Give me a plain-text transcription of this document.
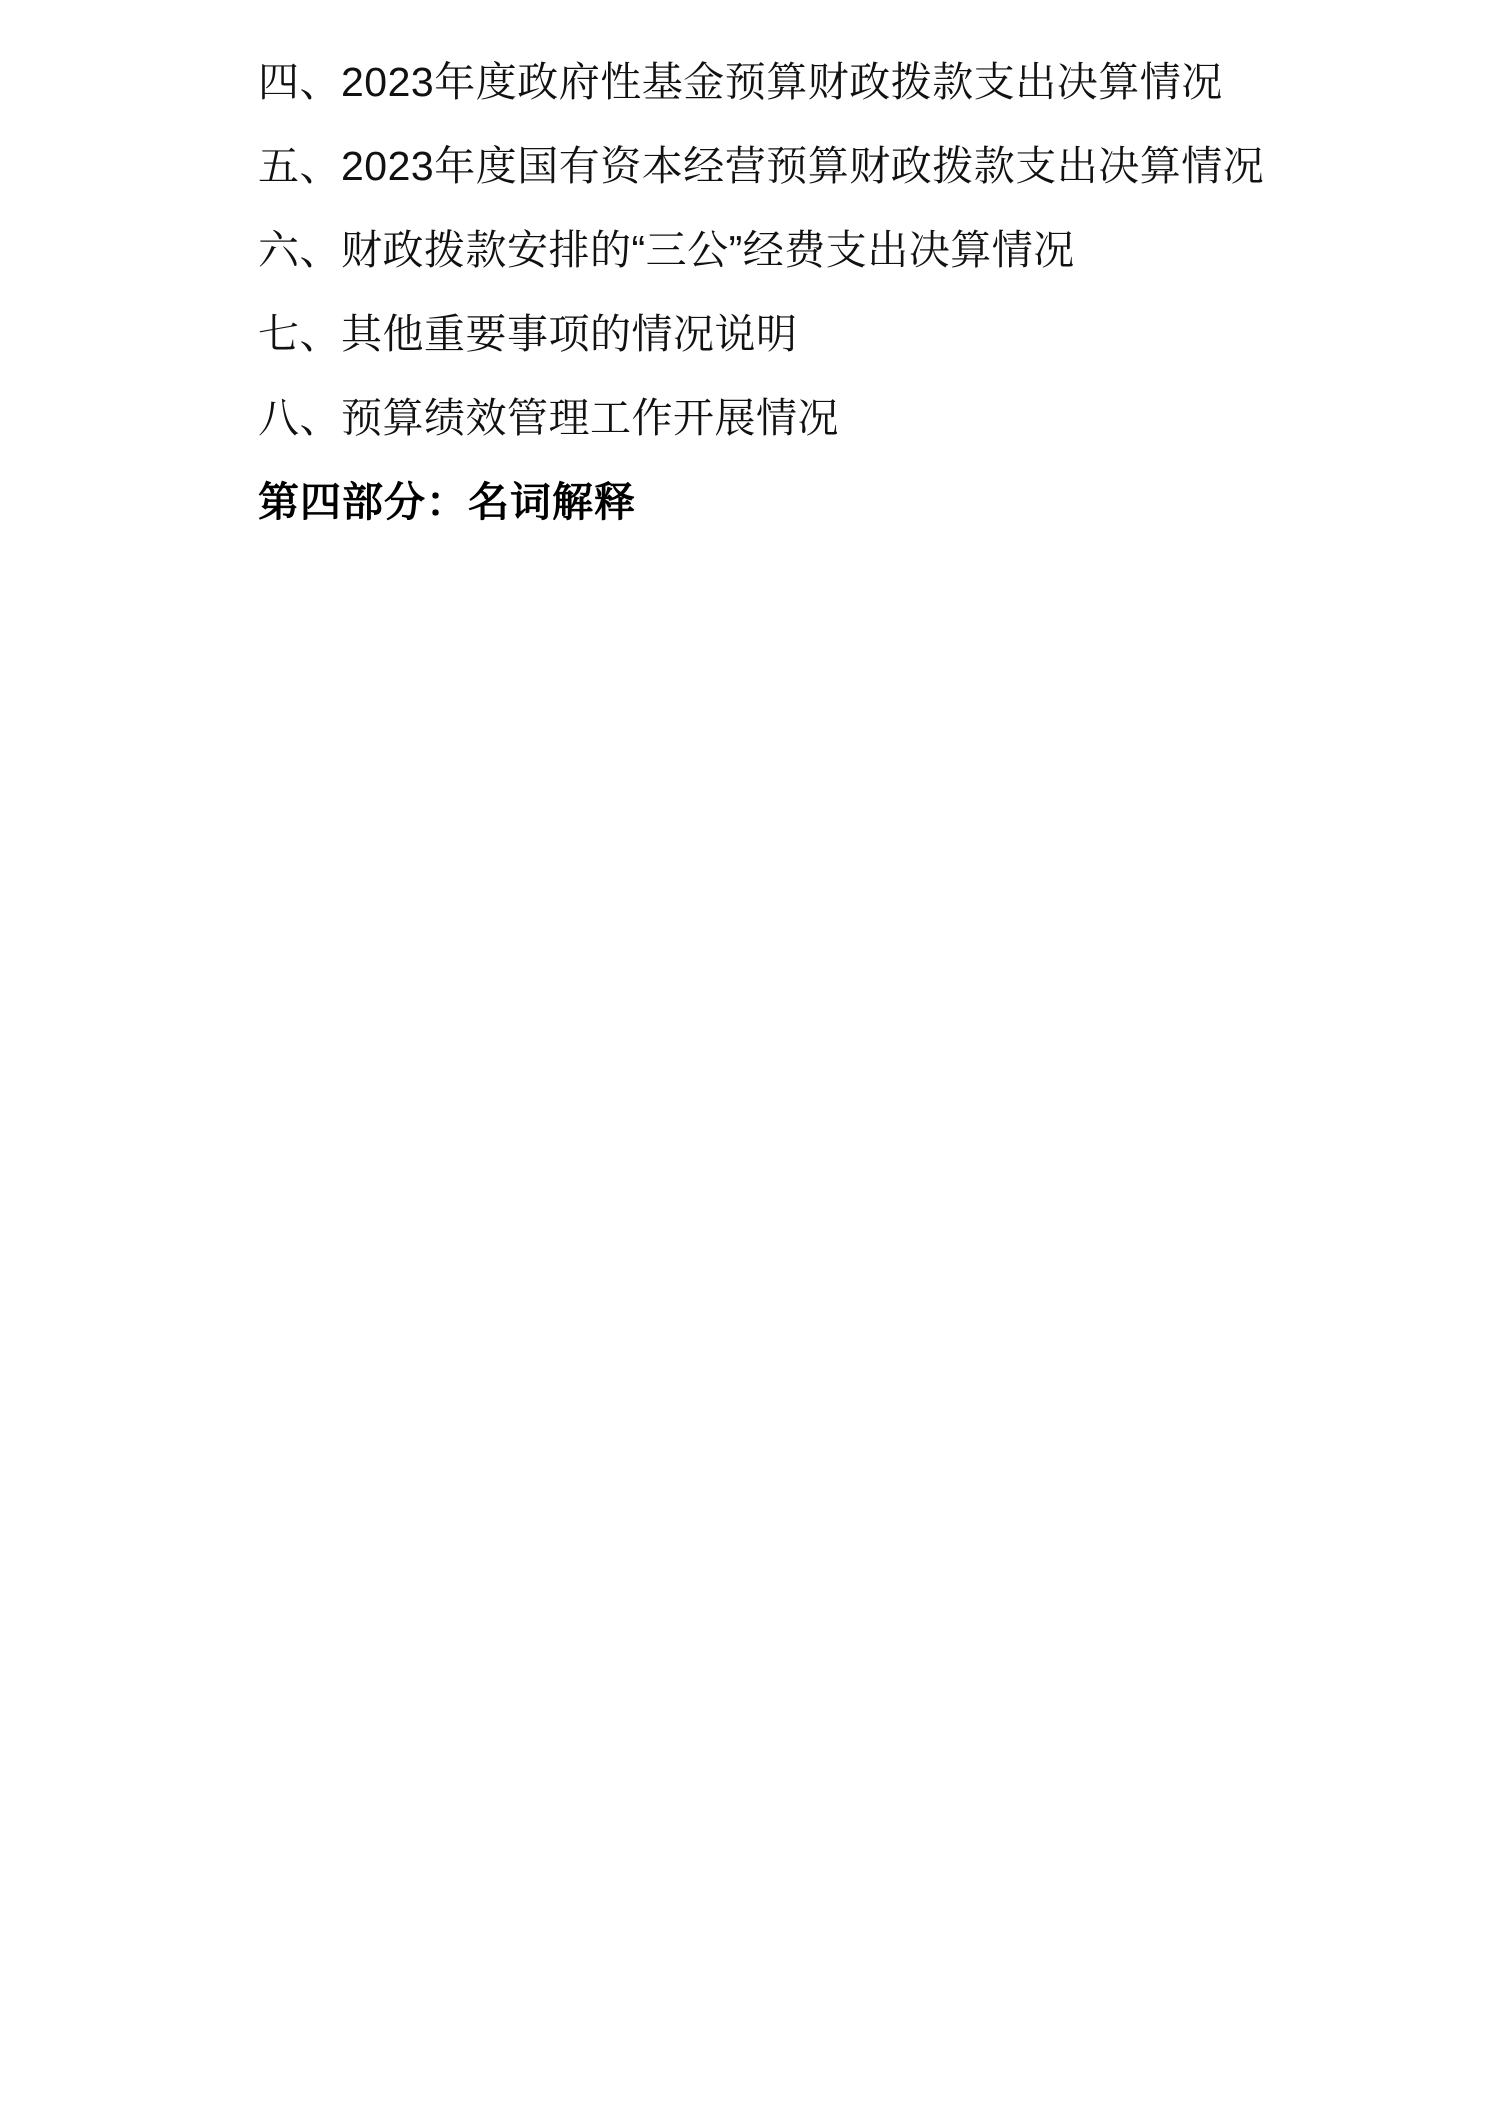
四、2023年度政府性基金预算财政拨款支出决算情况
五、2023年度国有资本经营预算财政拨款支出决算情况
六、财政拨款安排的“三公”经费支出决算情况
七、其他重要事项的情况说明
八、预算绩效管理工作开展情况
第四部分：名词解释
